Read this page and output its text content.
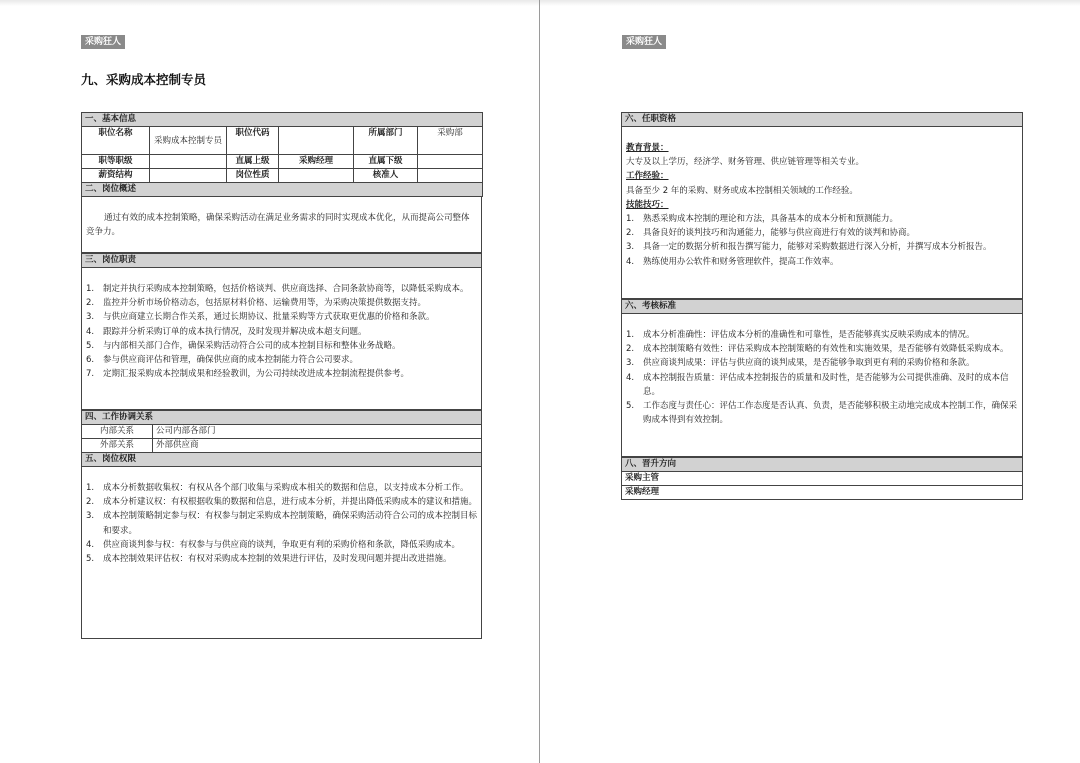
采购狂人
九、采购成本控制专员
一、基本信息					
职位名称	采购成本控制专员	职位代码		所属部门	采购部
职等职级		直属上级	采购经理	直属下级	
薪资结构		岗位性质		核准人	
二、岗位概述					
通过有效的成本控制策略，确保采购活动在满足业务需求的同时实现成本优化，从而提高公司整体竞争力。
三、岗位职责
1. 制定并执行采购成本控制策略，包括价格谈判、供应商选择、合同条款协商等，以降低采购成本。
2. 监控并分析市场价格动态，包括原材料价格、运输费用等，为采购决策提供数据支持。
3. 与供应商建立长期合作关系，通过长期协议、批量采购等方式获取更优惠的价格和条款。
4. 跟踪并分析采购订单的成本执行情况，及时发现并解决成本超支问题。
5. 与内部相关部门合作，确保采购活动符合公司的成本控制目标和整体业务战略。
6. 参与供应商评估和管理，确保供应商的成本控制能力符合公司要求。
7. 定期汇报采购成本控制成果和经验教训，为公司持续改进成本控制流程提供参考。
四、工作协调关系	
内部关系	公司内部各部门
外部关系	外部供应商
五、岗位权限	
1. 成本分析数据收集权：有权从各个部门收集与采购成本相关的数据和信息，以支持成本分析工作。
2. 成本分析建议权：有权根据收集的数据和信息，进行成本分析，并提出降低采购成本的建议和措施。
3. 成本控制策略制定参与权：有权参与制定采购成本控制策略，确保采购活动符合公司的成本控制目标和要求。
4. 供应商谈判参与权：有权参与与供应商的谈判，争取更有利的采购价格和条款，降低采购成本。
5. 成本控制效果评估权：有权对采购成本控制的效果进行评估，及时发现问题并提出改进措施。
采购狂人
六、任职资格
教育背景：
大专及以上学历，经济学、财务管理、供应链管理等相关专业。
工作经验：
具备至少 2 年的采购、财务或成本控制相关领域的工作经验。
技能技巧：
1. 熟悉采购成本控制的理论和方法，具备基本的成本分析和预测能力。
2. 具备良好的谈判技巧和沟通能力，能够与供应商进行有效的谈判和协商。
3. 具备一定的数据分析和报告撰写能力，能够对采购数据进行深入分析，并撰写成本分析报告。
4. 熟练使用办公软件和财务管理软件，提高工作效率。
六、考核标准
1. 成本分析准确性：评估成本分析的准确性和可靠性，是否能够真实反映采购成本的情况。
2. 成本控制策略有效性：评估采购成本控制策略的有效性和实施效果，是否能够有效降低采购成本。
3. 供应商谈判成果：评估与供应商的谈判成果，是否能够争取到更有利的采购价格和条款。
4. 成本控制报告质量：评估成本控制报告的质量和及时性，是否能够为公司提供准确、及时的成本信息。
5. 工作态度与责任心：评估工作态度是否认真、负责，是否能够积极主动地完成成本控制工作，确保采购成本得到有效控制。
八、晋升方向
采购主管
采购经理
